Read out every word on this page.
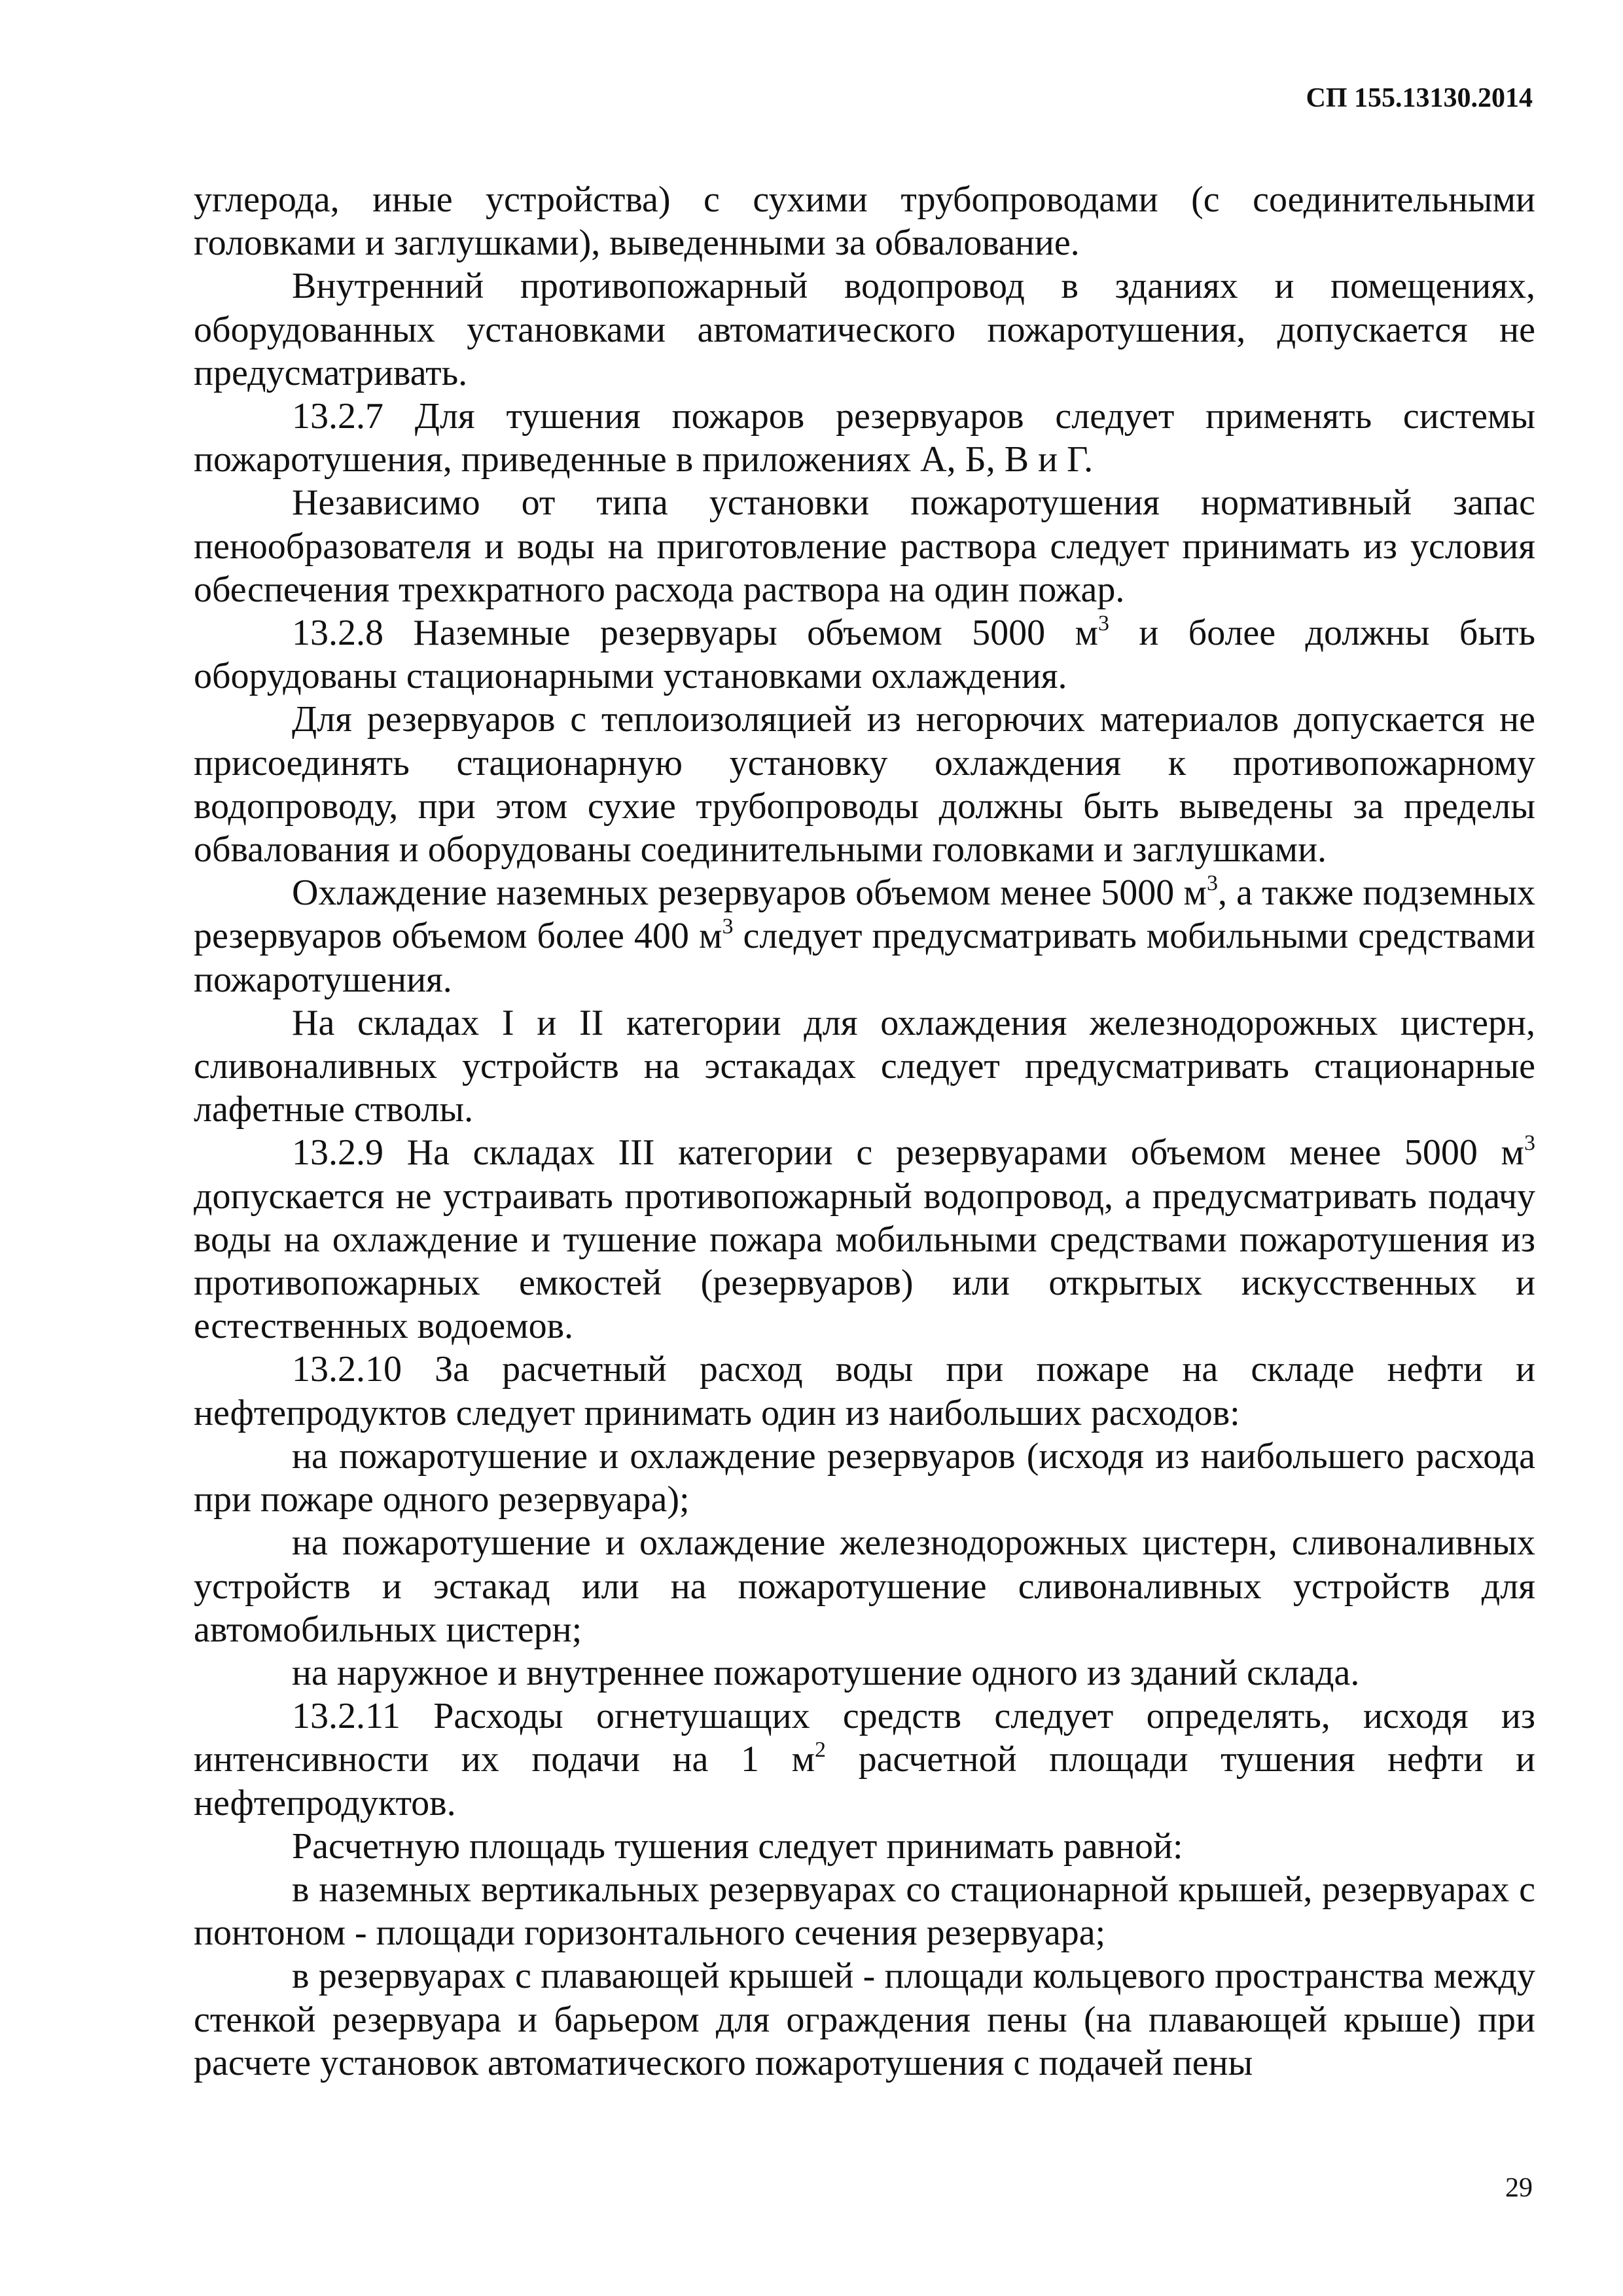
СП 155.13130.2014

углерода, иные устройства) с сухими трубопроводами (с соединительными головками и заглушками), выведенными за обвалование.

Внутренний противопожарный водопровод в зданиях и помещениях, оборудованных установками автоматического пожаротушения, допускается не предусматривать.

13.2.7 Для тушения пожаров резервуаров следует применять системы пожаротушения, приведенные в приложениях А, Б, В и Г.

Независимо от типа установки пожаротушения нормативный запас пенообразователя и воды на приготовление раствора следует принимать из условия обеспечения трехкратного расхода раствора на один пожар.

13.2.8 Наземные резервуары объемом 5000 $м^3$ и более должны быть оборудованы стационарными установками охлаждения.

Для резервуаров с теплоизоляцией из негорючих материалов допускается не присоединять стационарную установку охлаждения к противопожарному водопроводу, при этом сухие трубопроводы должны быть выведены за пределы обвалования и оборудованы соединительными головками и заглушками.

Охлаждение наземных резервуаров объемом менее 5000 $м^3$, а также подземных резервуаров объемом более 400 $м^3$ следует предусматривать мобильными средствами пожаротушения.

На складах I и II категории для охлаждения железнодорожных цистерн, сливоналивных устройств на эстакадах следует предусматривать стационарные лафетные стволы.

13.2.9 На складах III категории с резервуарами объемом менее 5000 $м^3$ допускается не устраивать противопожарный водопровод, а предусматривать подачу воды на охлаждение и тушение пожара мобильными средствами пожаротушения из противопожарных емкостей (резервуаров) или открытых искусственных и естественных водоемов.

13.2.10 За расчетный расход воды при пожаре на складе нефти и нефтепродуктов следует принимать один из наибольших расходов:

на пожаротушение и охлаждение резервуаров (исходя из наибольшего расхода при пожаре одного резервуара);

на пожаротушение и охлаждение железнодорожных цистерн, сливоналивных устройств и эстакад или на пожаротушение сливоналивных устройств для автомобильных цистерн;

на наружное и внутреннее пожаротушение одного из зданий склада.

13.2.11 Расходы огнетушащих средств следует определять, исходя из интенсивности их подачи на 1 $м^2$ расчетной площади тушения нефти и нефтепродуктов.

Расчетную площадь тушения следует принимать равной:

в наземных вертикальных резервуарах со стационарной крышей, резервуарах с понтоном - площади горизонтального сечения резервуара;

в резервуарах с плавающей крышей - площади кольцевого пространства между стенкой резервуара и барьером для ограждения пены (на плавающей крыше) при расчете установок автоматического пожаротушения с подачей пены

29
